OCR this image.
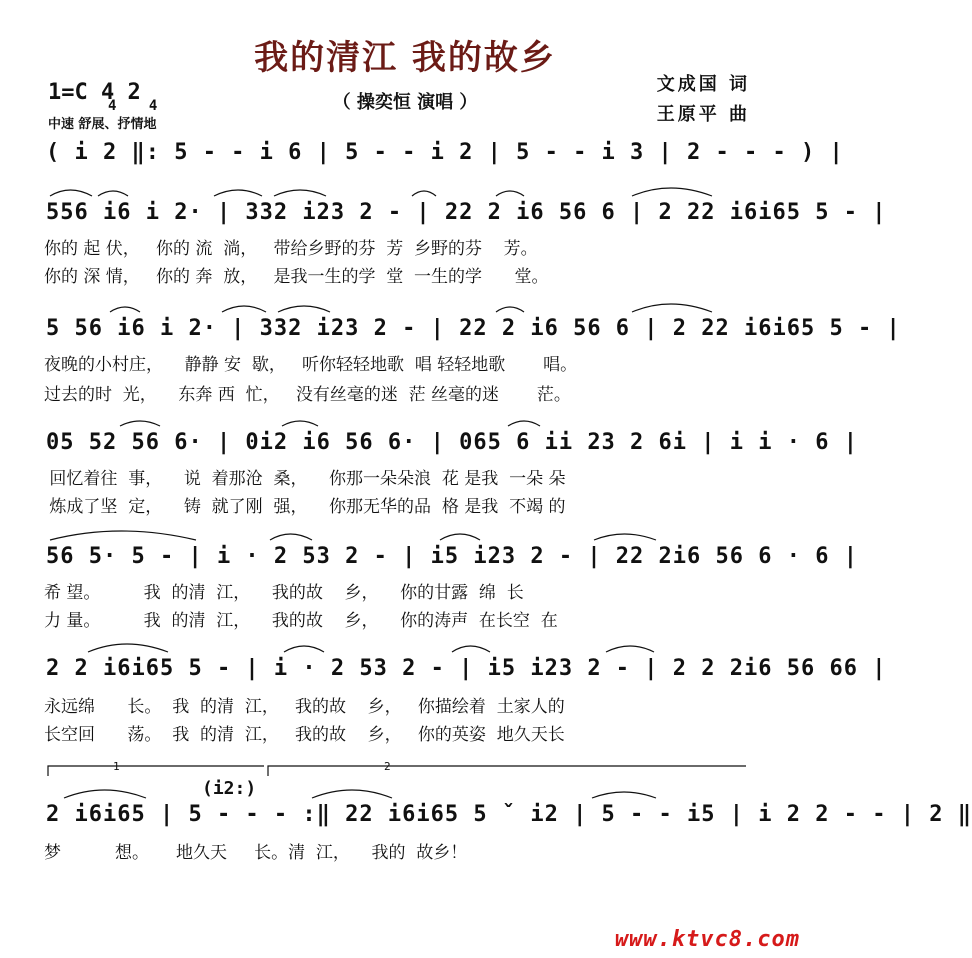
我的清江 我的故乡
（ 操奕恒 演唱 ）
文成国 词
王原平 曲
1=C 4 2
4 4
中速 舒展、抒情地
( i 2 ‖: 5 - - i 6 | 5 - - i 2 | 5 - - i 3 | 2 - - - ) |
556 i6 i 2· | 332 i23 2 - | 22 2 i6 56 6 | 2 22 i6i65 5 - |
你的 起 伏，   你的 流  淌，   带给乡野的芬  芳  乡野的芬    芳。
你的 深 情，   你的 奔  放，   是我一生的学  堂  一生的学      堂。
5 56 i6 i 2· | 332 i23 2 - | 22 2 i6 56 6 | 2 22 i6i65 5 - |
夜晚的小村庄，    静静 安  歇，   听你轻轻地歌  唱 轻轻地歌       唱。
过去的时  光，    东奔 西  忙，   没有丝毫的迷  茫 丝毫的迷       茫。
05 52 56 6· | 0i2 i6 56 6· | 065 6 ii 23 2 6i | i i · 6 |
回忆着往  事，    说  着那沧  桑，    你那一朵朵浪  花 是我  一朵 朵
炼成了坚  定，    铸  就了刚  强，    你那无华的品  格 是我  不竭 的
56 5· 5 - | i · 2 53 2 - | i5 i23 2 - | 22 2i6 56 6 · 6 |
希 望。        我  的清  江，    我的故    乡，    你的甘露  绵  长
力 量。        我  的清  江，    我的故    乡，    你的涛声  在长空  在
2 2 i6i65 5 - | i · 2 53 2 - | i5 i23 2 - | 2 2 2i6 56 66 |
永远绵      长。  我  的清  江，   我的故    乡，   你描绘着  土家人的
长空回      荡。  我  的清  江，   我的故    乡，   你的英姿  地久天长
1	2
(i2:)
2 i6i65 | 5 - - - :‖ 22 i6i65 5 ˇ i2 | 5 - - i5 | i 2 2 - - | 2 ‖
梦          想。     地久天     长。清  江，    我的  故乡！
www.ktvc8.com
